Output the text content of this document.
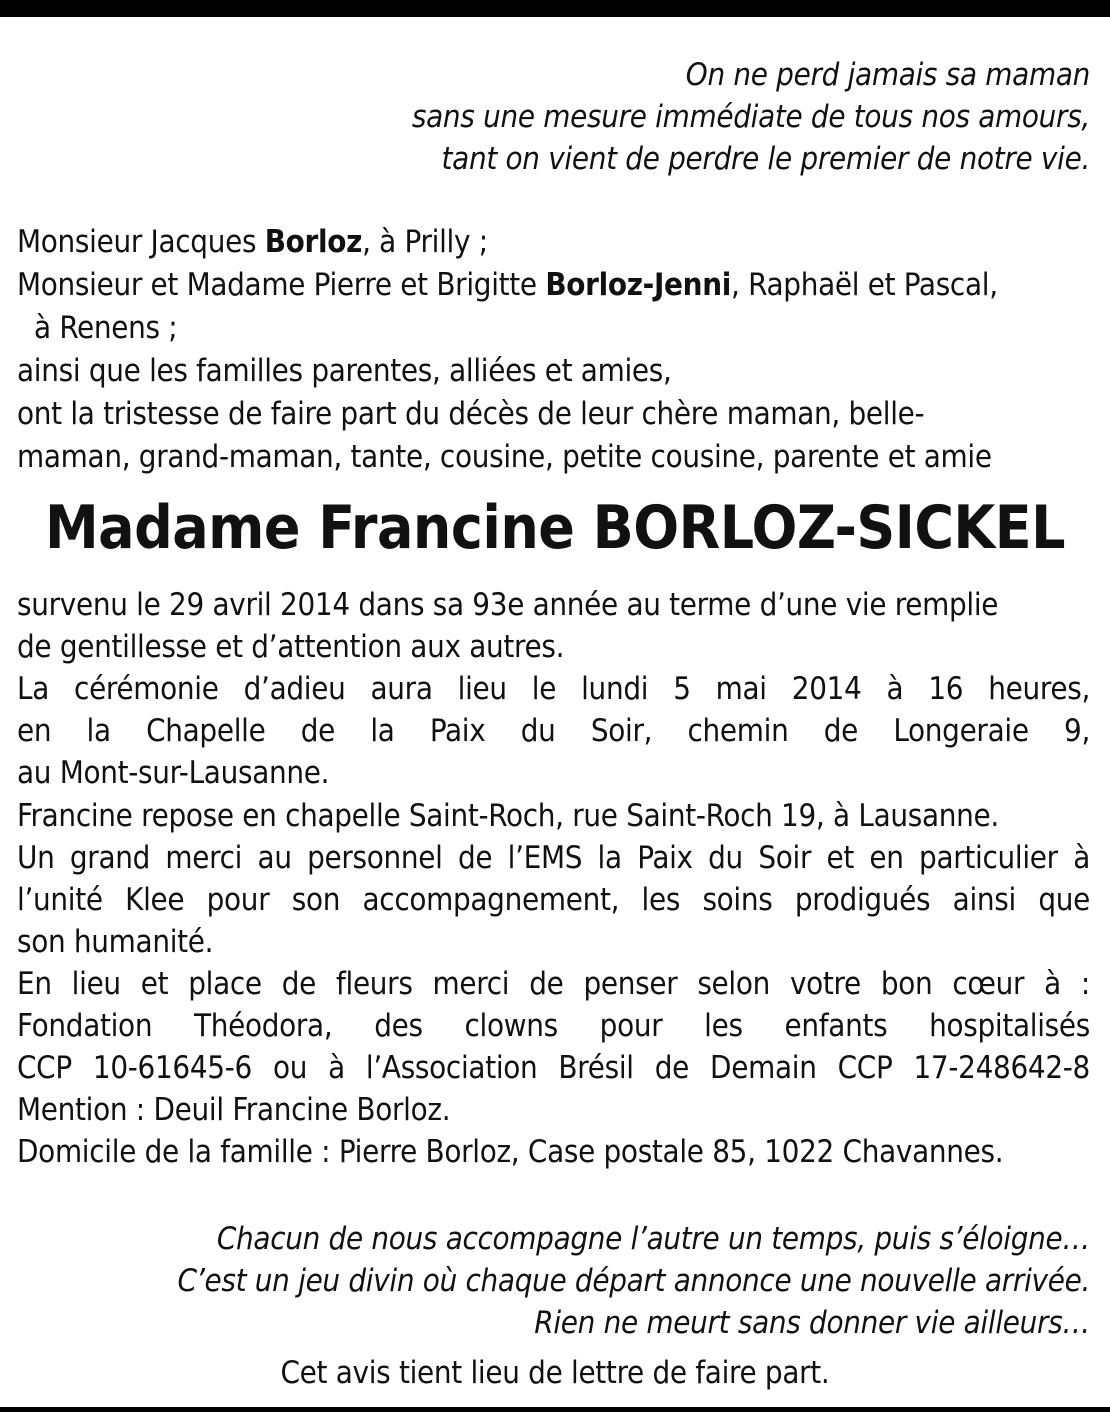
On ne perd jamais sa maman
sans une mesure immédiate de tous nos amours,
tant on vient de perdre le premier de notre vie.
Monsieur Jacques Borloz, à Prilly ;
Monsieur et Madame Pierre et Brigitte Borloz-Jenni, Raphaël et Pascal,
à Renens ;
ainsi que les familles parentes, alliées et amies,
ont la tristesse de faire part du décès de leur chère maman, belle-
maman, grand-maman, tante, cousine, petite cousine, parente et amie
Madame Francine BORLOZ-SICKEL
survenu le 29 avril 2014 dans sa 93e année au terme d’une vie remplie
de gentillesse et d’attention aux autres.
La cérémonie d’adieu aura lieu le lundi 5 mai 2014 à 16 heures,
en la Chapelle de la Paix du Soir, chemin de Longeraie 9,
au Mont-sur-Lausanne.
Francine repose en chapelle Saint-Roch, rue Saint-Roch 19, à Lausanne.
Un grand merci au personnel de l’EMS la Paix du Soir et en particulier à
l’unité Klee pour son accompagnement, les soins prodigués ainsi que
son humanité.
En lieu et place de fleurs merci de penser selon votre bon cœur à :
Fondation Théodora, des clowns pour les enfants hospitalisés
CCP 10-61645-6 ou à l’Association Brésil de Demain CCP 17-248642-8
Mention : Deuil Francine Borloz.
Domicile de la famille : Pierre Borloz, Case postale 85, 1022 Chavannes.
Chacun de nous accompagne l’autre un temps, puis s’éloigne…
C’est un jeu divin où chaque départ annonce une nouvelle arrivée.
Rien ne meurt sans donner vie ailleurs…
Cet avis tient lieu de lettre de faire part.
